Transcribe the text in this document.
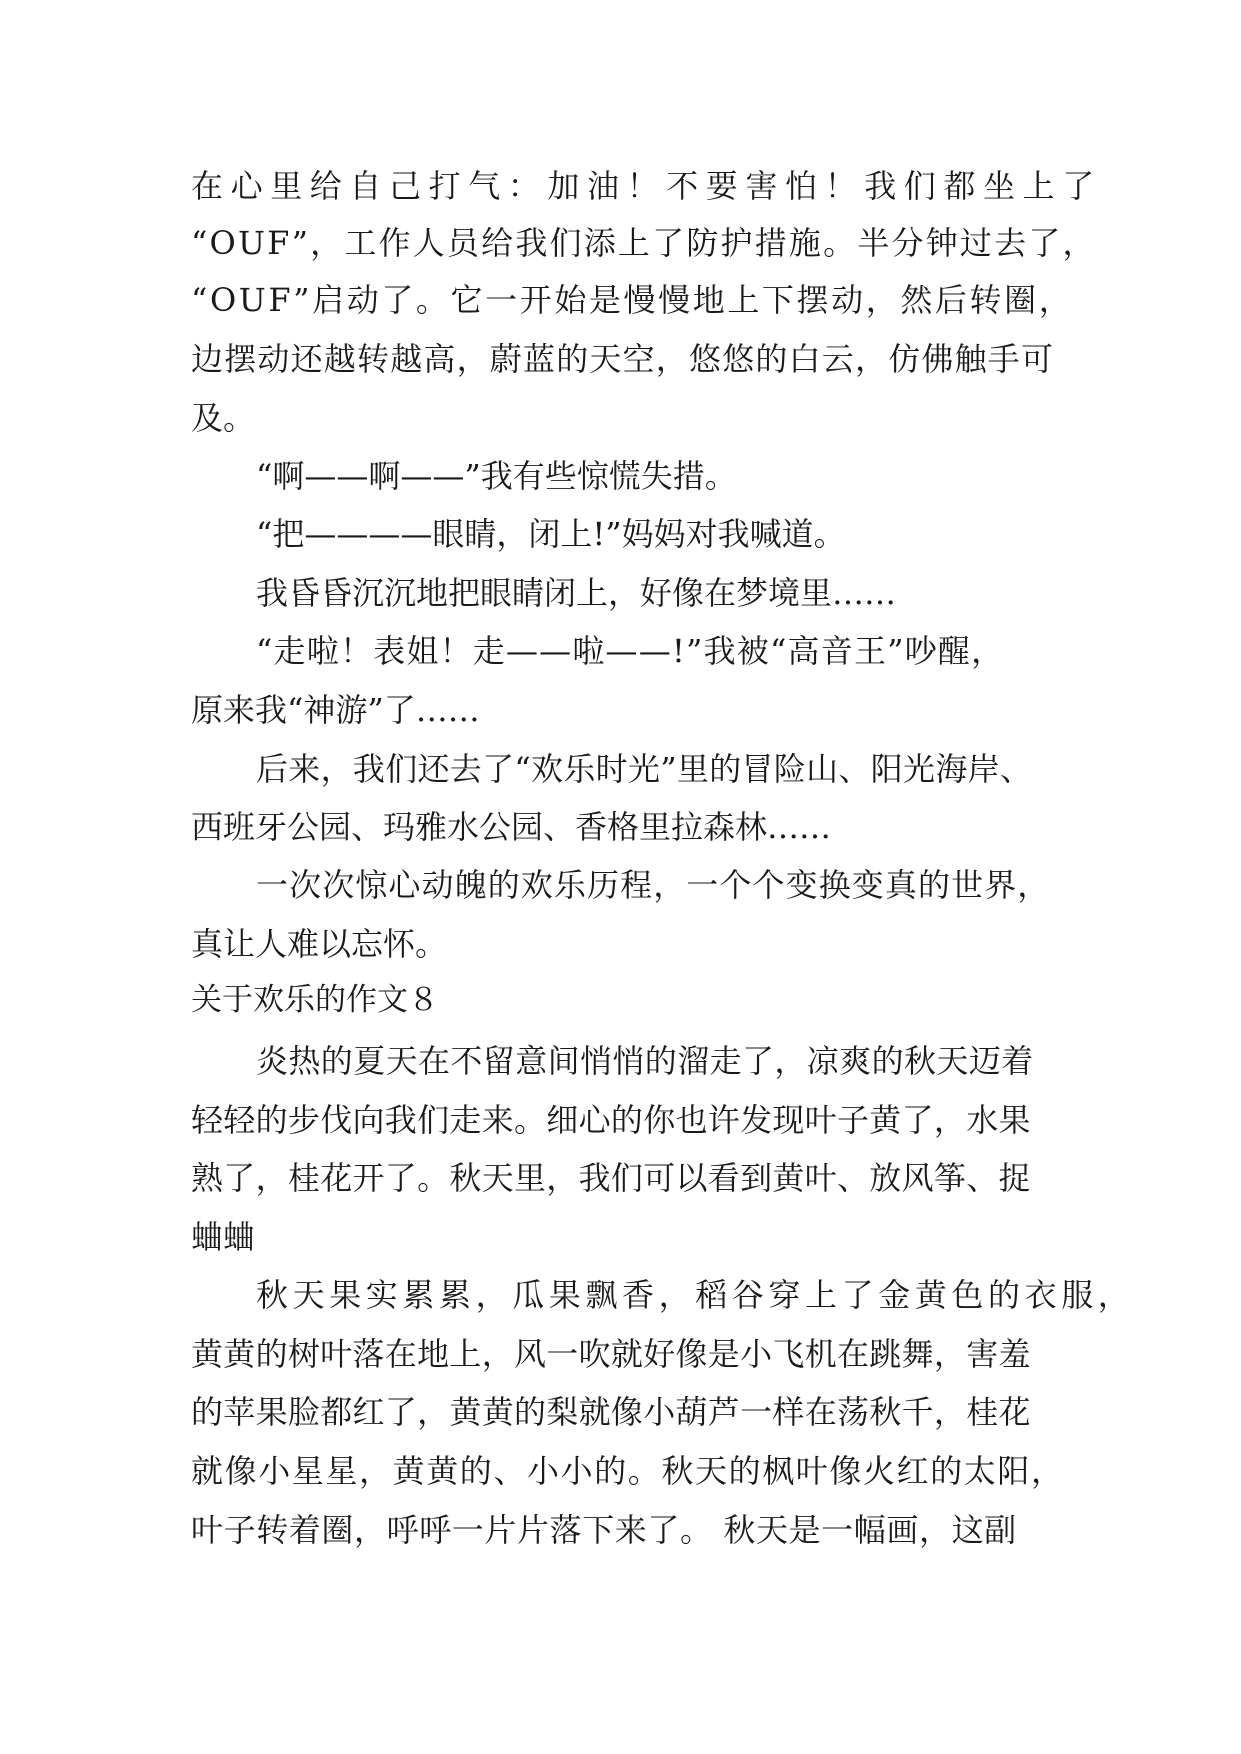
在心里给自己打气：加油！不要害怕！我们都坐上了
“OUF”，工作人员给我们添上了防护措施。半分钟过去了，
“OUF”启动了。它一开始是慢慢地上下摆动，然后转圈，
边摆动还越转越高，蔚蓝的天空，悠悠的白云，仿佛触手可
及。
“啊——啊——”我有些惊慌失措。
“把————眼睛，闭上!”妈妈对我喊道。
我昏昏沉沉地把眼睛闭上，好像在梦境里……
“走啦！表姐！走——啦——!”我被“高音王”吵醒，
原来我“神游”了……
后来，我们还去了“欢乐时光”里的冒险山、阳光海岸、
西班牙公园、玛雅水公园、香格里拉森林……
一次次惊心动魄的欢乐历程，一个个变换变真的世界，
真让人难以忘怀。
关于欢乐的作文８
炎热的夏天在不留意间悄悄的溜走了，凉爽的秋天迈着
轻轻的步伐向我们走来。细心的你也许发现叶子黄了，水果
熟了，桂花开了。秋天里，我们可以看到黄叶、放风筝、捉
蛐蛐
秋天果实累累，瓜果飘香，稻谷穿上了金黄色的衣服，
黄黄的树叶落在地上，风一吹就好像是小飞机在跳舞，害羞
的苹果脸都红了，黄黄的梨就像小葫芦一样在荡秋千，桂花
就像小星星，黄黄的、小小的。秋天的枫叶像火红的太阳，
叶子转着圈，呼呼一片片落下来了。 秋天是一幅画，这副
